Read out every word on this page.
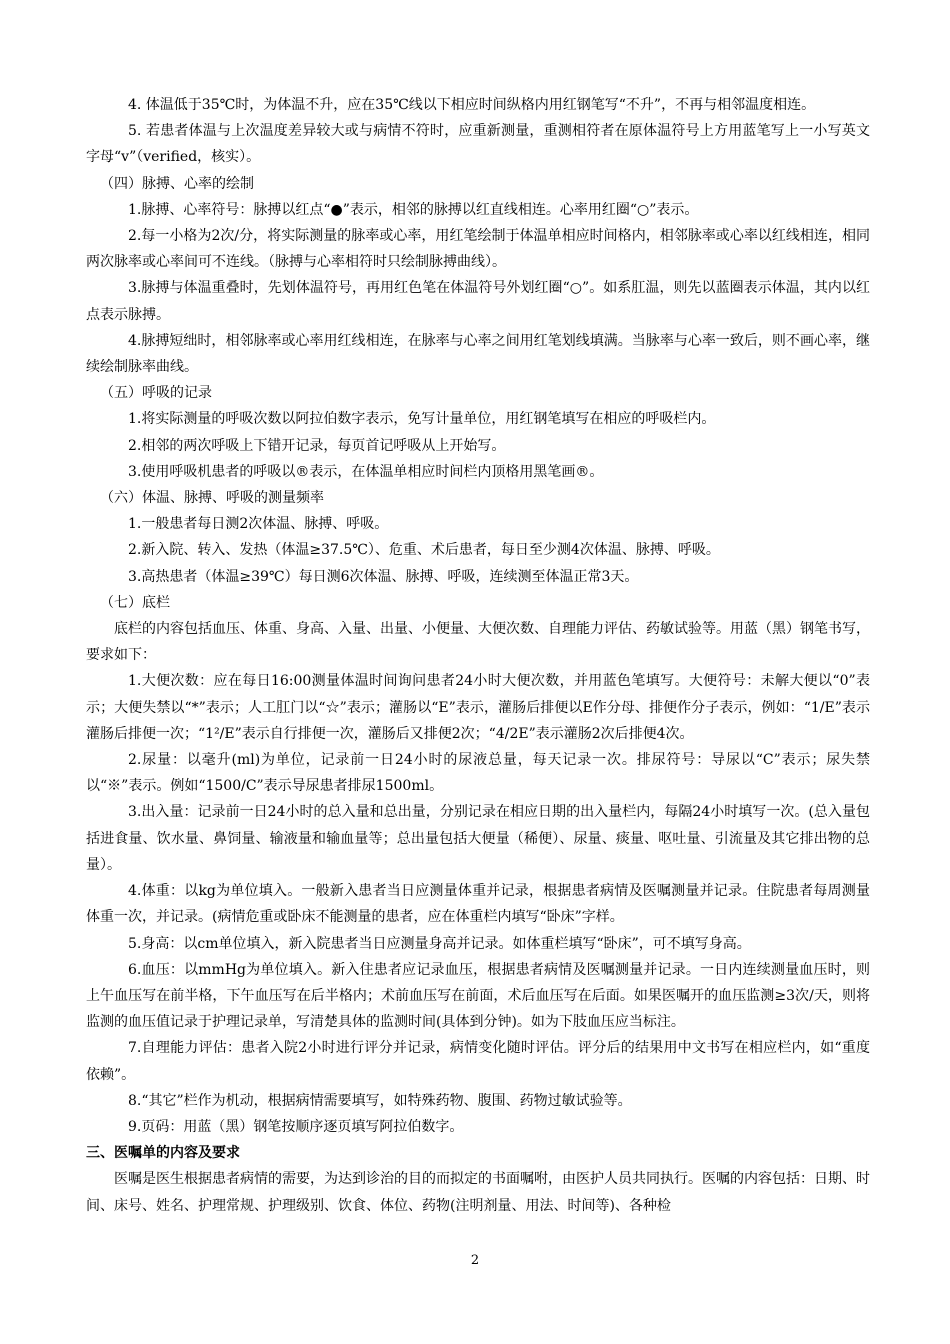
4. 体温低于35℃时，为体温不升，应在35℃线以下相应时间纵格内用红钢笔写“不升”，不再与相邻温度相连。

5. 若患者体温与上次温度差异较大或与病情不符时，应重新测量，重测相符者在原体温符号上方用蓝笔写上一小写英文字母“v”（verified，核实）。

（四）脉搏、心率的绘制

1.脉搏、心率符号：脉搏以红点“●”表示，相邻的脉搏以红直线相连。心率用红圈“○”表示。

2.每一小格为2次/分，将实际测量的脉率或心率，用红笔绘制于体温单相应时间格内，相邻脉率或心率以红线相连，相同两次脉率或心率间可不连线。（脉搏与心率相符时只绘制脉搏曲线）。

3.脉搏与体温重叠时，先划体温符号，再用红色笔在体温符号外划红圈“○”。如系肛温，则先以蓝圈表示体温，其内以红点表示脉搏。

4.脉搏短绌时，相邻脉率或心率用红线相连，在脉率与心率之间用红笔划线填满。当脉率与心率一致后，则不画心率，继续绘制脉率曲线。

（五）呼吸的记录

1.将实际测量的呼吸次数以阿拉伯数字表示，免写计量单位，用红钢笔填写在相应的呼吸栏内。

2.相邻的两次呼吸上下错开记录，每页首记呼吸从上开始写。

3.使用呼吸机患者的呼吸以®表示，在体温单相应时间栏内顶格用黑笔画®。

（六）体温、脉搏、呼吸的测量频率

1.一般患者每日测2次体温、脉搏、呼吸。

2.新入院、转入、发热（体温≥37.5℃）、危重、术后患者，每日至少测4次体温、脉搏、呼吸。

3.高热患者（体温≥39℃）每日测6次体温、脉搏、呼吸，连续测至体温正常3天。

（七）底栏

底栏的内容包括血压、体重、身高、入量、出量、小便量、大便次数、自理能力评估、药敏试验等。用蓝（黑）钢笔书写，要求如下：

1.大便次数：应在每日16:00测量体温时间询问患者24小时大便次数，并用蓝色笔填写。大便符号：未解大便以“0”表示；大便失禁以“*”表示；人工肛门以“☆”表示；灌肠以“E”表示，灌肠后排便以E作分母、排便作分子表示，例如：“1/E”表示灌肠后排便一次；“1²/E”表示自行排便一次，灌肠后又排便2次；“4/2E”表示灌肠2次后排便4次。

2.尿量：以毫升(ml)为单位，记录前一日24小时的尿液总量，每天记录一次。排尿符号：导尿以“C”表示；尿失禁以“※”表示。例如“1500/C”表示导尿患者排尿1500ml。

3.出入量：记录前一日24小时的总入量和总出量，分别记录在相应日期的出入量栏内，每隔24小时填写一次。(总入量包括进食量、饮水量、鼻饲量、输液量和输血量等；总出量包括大便量（稀便）、尿量、痰量、呕吐量、引流量及其它排出物的总量）。

4.体重：以kg为单位填入。一般新入患者当日应测量体重并记录，根据患者病情及医嘱测量并记录。住院患者每周测量体重一次，并记录。(病情危重或卧床不能测量的患者，应在体重栏内填写“卧床”字样。

5.身高：以cm单位填入，新入院患者当日应测量身高并记录。如体重栏填写“卧床”，可不填写身高。

6.血压：以mmHg为单位填入。新入住患者应记录血压，根据患者病情及医嘱测量并记录。一日内连续测量血压时，则上午血压写在前半格，下午血压写在后半格内；术前血压写在前面，术后血压写在后面。如果医嘱开的血压监测≥3次/天，则将监测的血压值记录于护理记录单，写清楚具体的监测时间(具体到分钟)。如为下肢血压应当标注。

7.自理能力评估：患者入院2小时进行评分并记录，病情变化随时评估。评分后的结果用中文书写在相应栏内，如“重度依赖”。

8.“其它”栏作为机动，根据病情需要填写，如特殊药物、腹围、药物过敏试验等。

9.页码：用蓝（黑）钢笔按顺序逐页填写阿拉伯数字。

三、医嘱单的内容及要求

医嘱是医生根据患者病情的需要，为达到诊治的目的而拟定的书面嘱咐，由医护人员共同执行。医嘱的内容包括：日期、时间、床号、姓名、护理常规、护理级别、饮食、体位、药物(注明剂量、用法、时间等)、各种检

2
